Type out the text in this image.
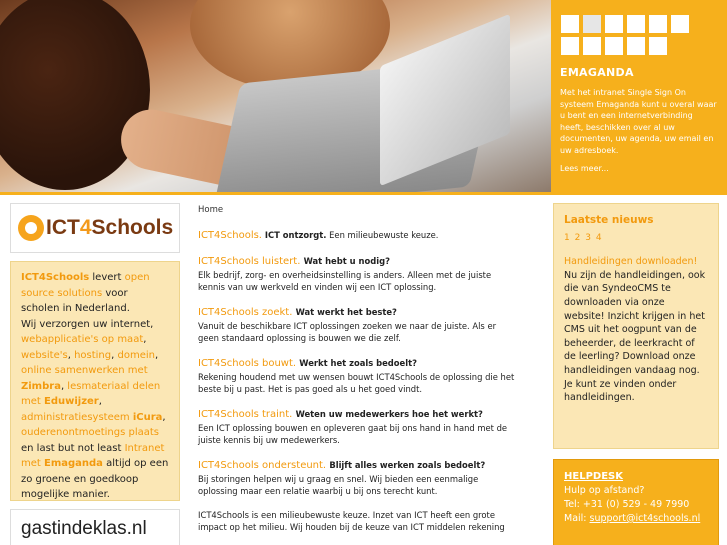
EMAGANDA

Met het intranet Single Sign On systeem Emaganda kunt u overal waar u bent en een internetverbinding heeft, beschikken over al uw documenten, uw agenda, uw email en uw adresboek.

Lees meer...
ICT4Schools
ICT4Schools levert open source solutions voor scholen in Nederland.
Wij verzorgen uw internet, webapplicatie's op maat, website's, hosting, domein, online samenwerken met Zimbra, lesmateriaal delen met Eduwijzer, administratiesysteem iCura, ouderenontmoetings plaats en last but not least Intranet met Emaganda altijd op een zo groene en goedkoop mogelijke manier.
gastindeklas.nl
Home
ICT4Schools. ICT ontzorgt. Een milieubewuste keuze.
ICT4Schools luistert. Wat hebt u nodig?
Elk bedrijf, zorg- en overheidsinstelling is anders. Alleen met de juiste kennis van uw werkveld en vinden wij een ICT oplossing.
ICT4Schools zoekt. Wat werkt het beste?
Vanuit de beschikbare ICT oplossingen zoeken we naar de juiste. Als er geen standaard oplossing is bouwen we die zelf.
ICT4Schools bouwt. Werkt het zoals bedoelt?
Rekening houdend met uw wensen bouwt ICT4Schools de oplossing die het beste bij u past. Het is pas goed als u het goed vindt.
ICT4Schools traint. Weten uw medewerkers hoe het werkt?
Een ICT oplossing bouwen en opleveren gaat bij ons hand in hand met de juiste kennis bij uw medewerkers.
ICT4Schools ondersteunt. Blijft alles werken zoals bedoelt?
Bij storingen helpen wij u graag en snel. Wij bieden een eenmalige oplossing maar een relatie waarbij u bij ons terecht kunt.
ICT4Schools is een milieubewuste keuze. Inzet van ICT heeft een grote impact op het milieu. Wij houden bij de keuze van ICT middelen rekening
Laatste nieuws
1 2 3 4
Handleidingen downloaden!
Nu zijn de handleidingen, ook die van SyndeoCMS te downloaden via onze website! Inzicht krijgen in het CMS uit het oogpunt van de beheerder, de leerkracht of de leerling? Download onze handleidingen vandaag nog. Je kunt ze vinden onder handleidingen.
HELPDESK
Hulp op afstand?
Tel: +31 (0) 529 - 49 7990
Mail: support@ict4schools.nl
